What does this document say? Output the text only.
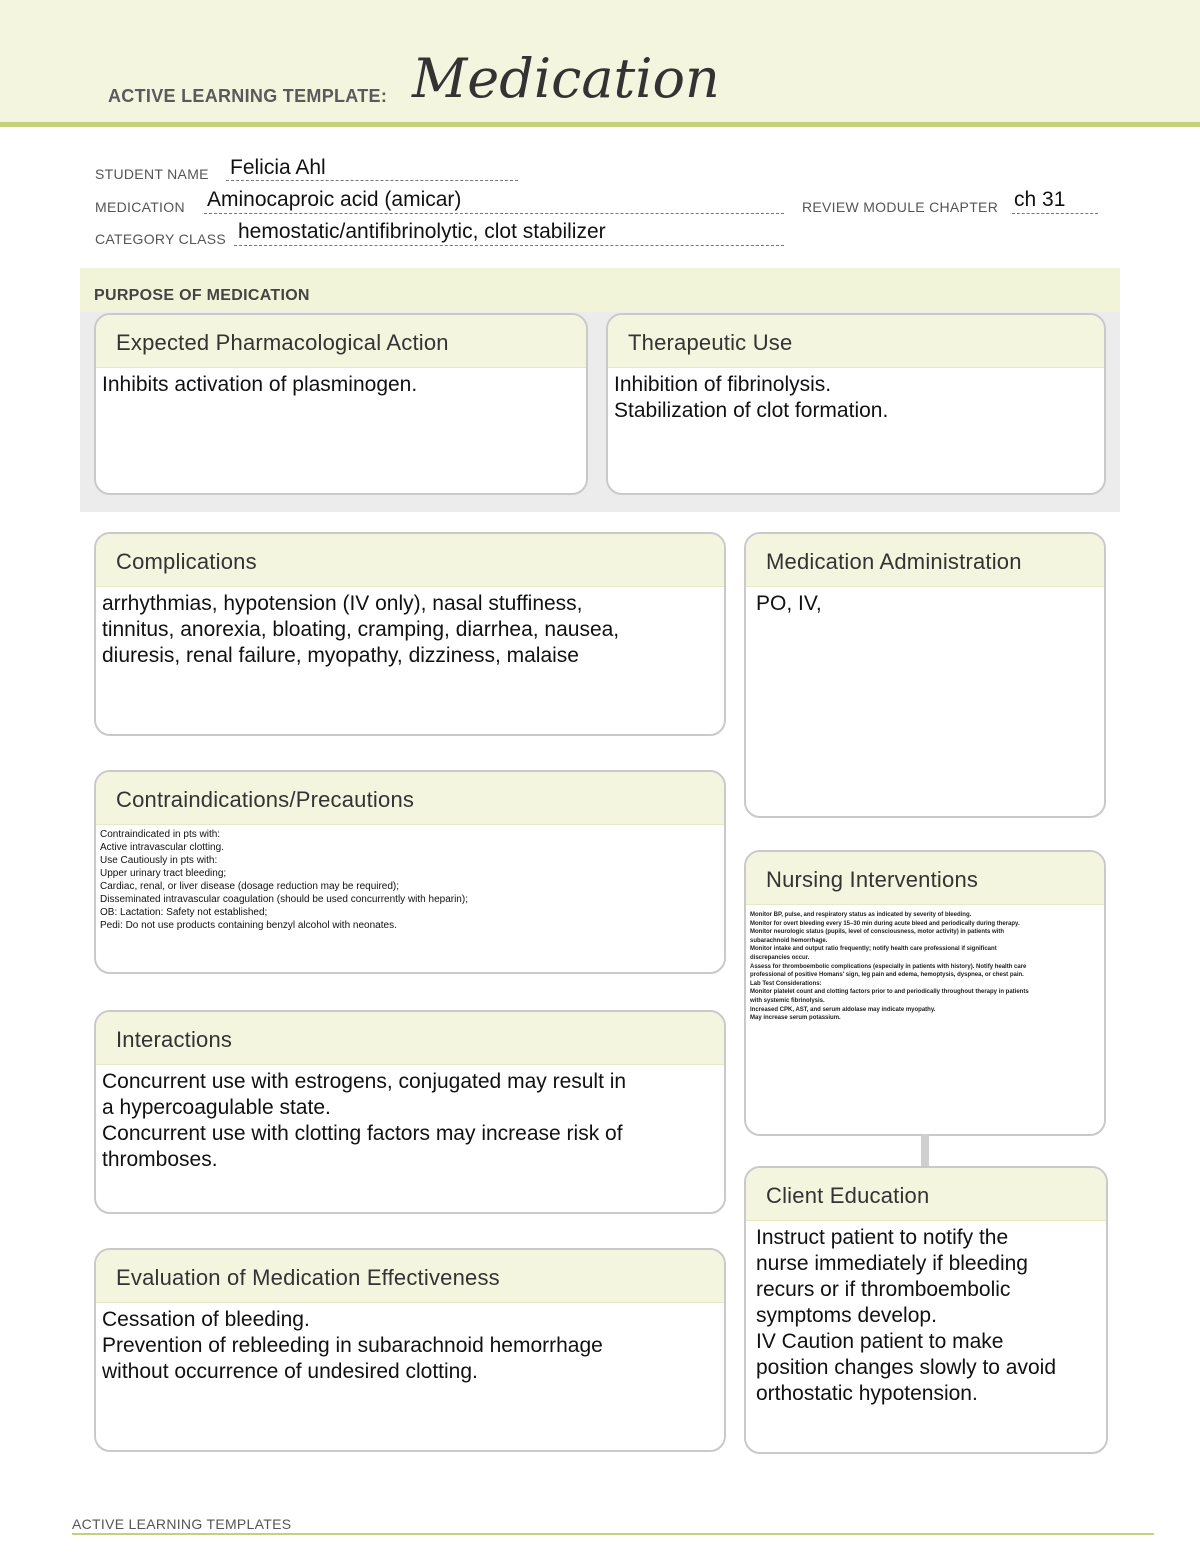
ACTIVE LEARNING TEMPLATE: Medication
STUDENT NAME Felicia Ahl
MEDICATION Aminocaproic acid (amicar)	REVIEW MODULE CHAPTER ch 31
CATEGORY CLASS hemostatic/antifibrinolytic, clot stabilizer
PURPOSE OF MEDICATION
Expected Pharmacological Action
Inhibits activation of plasminogen.
Therapeutic Use
Inhibition of fibrinolysis.
Stabilization of clot formation.
Complications
arrhythmias, hypotension (IV only), nasal stuffiness,
tinnitus, anorexia, bloating, cramping, diarrhea, nausea,
diuresis, renal failure, myopathy, dizziness, malaise
Medication Administration
PO, IV,
Contraindications/Precautions
Contraindicated in pts with:
Active intravascular clotting.
Use Cautiously in pts with:
Upper urinary tract bleeding;
Cardiac, renal, or liver disease (dosage reduction may be required);
Disseminated intravascular coagulation (should be used concurrently with heparin);
OB: Lactation: Safety not established;
Pedi: Do not use products containing benzyl alcohol with neonates.
Nursing Interventions
Monitor BP, pulse, and respiratory status as indicated by severity of bleeding.
Monitor for overt bleeding every 15–30 min during acute bleed and periodically during therapy.
Monitor neurologic status (pupils, level of consciousness, motor activity) in patients with
subarachnoid hemorrhage.
Monitor intake and output ratio frequently; notify health care professional if significant
discrepancies occur.
Assess for thromboembolic complications (especially in patients with history). Notify health care
professional of positive Homans' sign, leg pain and edema, hemoptysis, dyspnea, or chest pain.
Lab Test Considerations:
Monitor platelet count and clotting factors prior to and periodically throughout therapy in patients
with systemic fibrinolysis.
Increased CPK, AST, and serum aldolase may indicate myopathy.
May increase serum potassium.
Interactions
Concurrent use with estrogens, conjugated may result in
a hypercoagulable state.
Concurrent use with clotting factors may increase risk of
thromboses.
Client Education
Instruct patient to notify the
nurse immediately if bleeding
recurs or if thromboembolic
symptoms develop.
IV Caution patient to make
position changes slowly to avoid
orthostatic hypotension.
Evaluation of Medication Effectiveness
Cessation of bleeding.
Prevention of rebleeding in subarachnoid hemorrhage
without occurrence of undesired clotting.
ACTIVE LEARNING TEMPLATES
